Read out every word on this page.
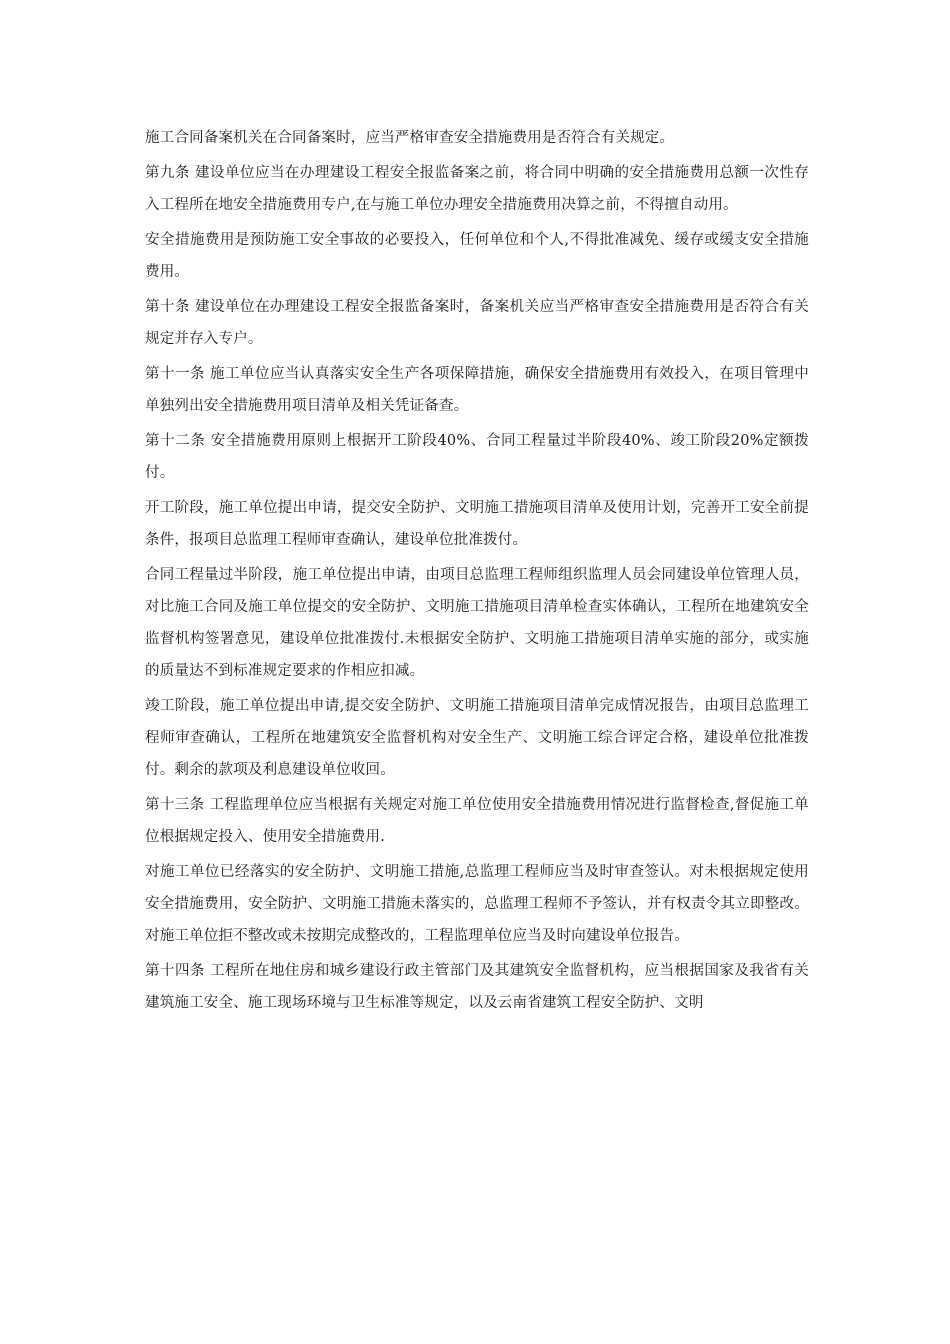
施工合同备案机关在合同备案时，应当严格审查安全措施费用是否符合有关规定。

第九条 建设单位应当在办理建设工程安全报监备案之前，将合同中明确的安全措施费用总额一次性存入工程所在地安全措施费用专户,在与施工单位办理安全措施费用决算之前，不得擅自动用。

安全措施费用是预防施工安全事故的必要投入，任何单位和个人,不得批准减免、缓存或缓支安全措施费用。

第十条 建设单位在办理建设工程安全报监备案时，备案机关应当严格审查安全措施费用是否符合有关规定并存入专户。

第十一条 施工单位应当认真落实安全生产各项保障措施，确保安全措施费用有效投入，在项目管理中单独列出安全措施费用项目清单及相关凭证备查。

第十二条 安全措施费用原则上根据开工阶段40%、合同工程量过半阶段40%、竣工阶段20%定额拨付。

开工阶段，施工单位提出申请，提交安全防护、文明施工措施项目清单及使用计划，完善开工安全前提条件，报项目总监理工程师审查确认，建设单位批准拨付。

合同工程量过半阶段，施工单位提出申请，由项目总监理工程师组织监理人员会同建设单位管理人员，对比施工合同及施工单位提交的安全防护、文明施工措施项目清单检查实体确认，工程所在地建筑安全监督机构签署意见，建设单位批准拨付.未根据安全防护、文明施工措施项目清单实施的部分，或实施的质量达不到标准规定要求的作相应扣减。

竣工阶段，施工单位提出申请,提交安全防护、文明施工措施项目清单完成情况报告，由项目总监理工程师审查确认，工程所在地建筑安全监督机构对安全生产、文明施工综合评定合格，建设单位批准拨付。剩余的款项及利息建设单位收回。

第十三条 工程监理单位应当根据有关规定对施工单位使用安全措施费用情况进行监督检查,督促施工单位根据规定投入、使用安全措施费用.

对施工单位已经落实的安全防护、文明施工措施,总监理工程师应当及时审查签认。对未根据规定使用安全措施费用，安全防护、文明施工措施未落实的，总监理工程师不予签认，并有权责令其立即整改。对施工单位拒不整改或未按期完成整改的，工程监理单位应当及时向建设单位报告。

第十四条 工程所在地住房和城乡建设行政主管部门及其建筑安全监督机构，应当根据国家及我省有关建筑施工安全、施工现场环境与卫生标准等规定，以及云南省建筑工程安全防护、文明
